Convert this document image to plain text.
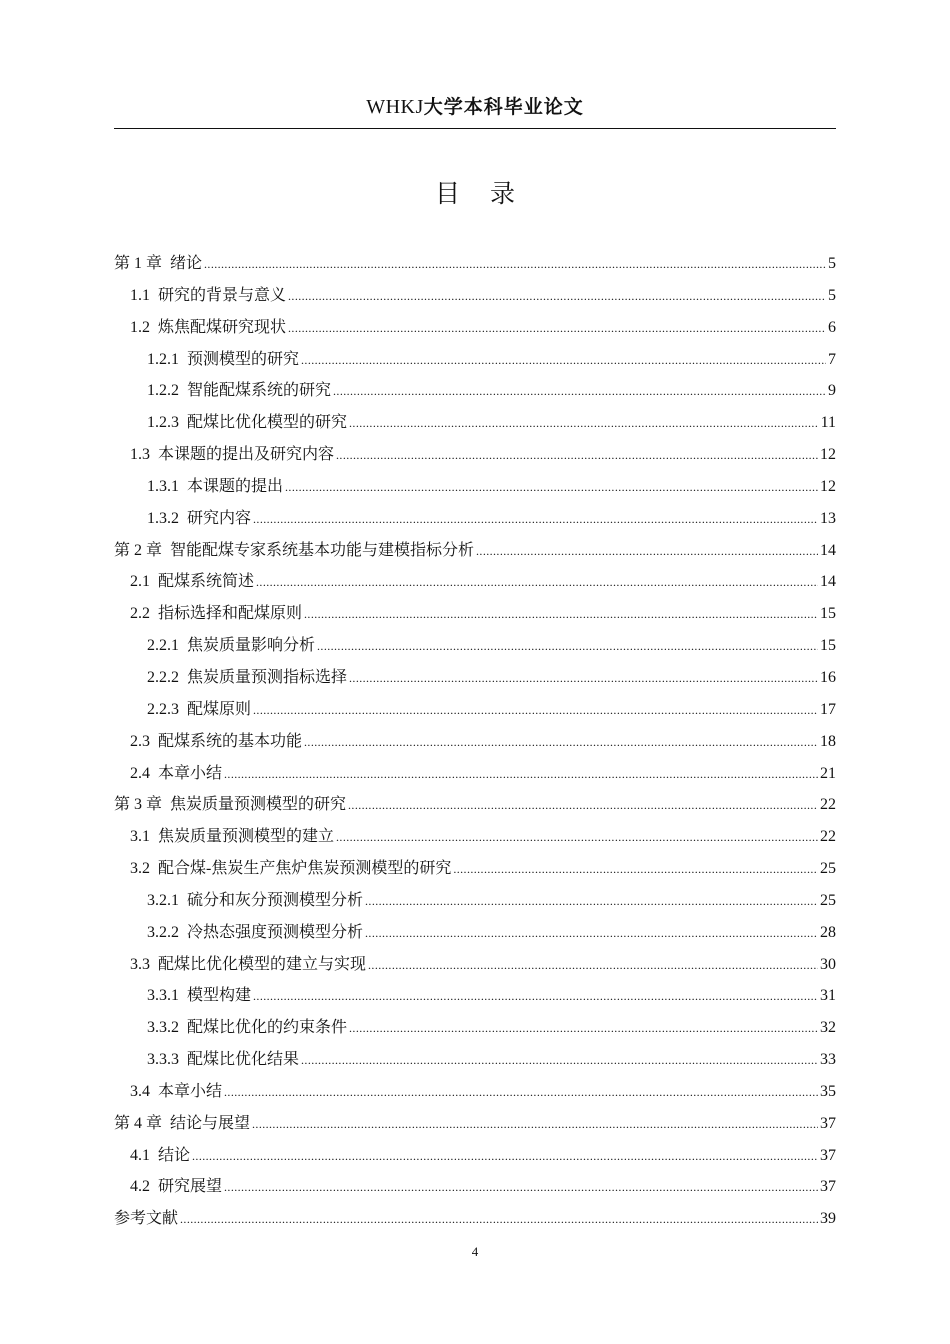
WHKJ大学本科毕业论文
目录
第 1 章 绪论 .....	5
1.1 研究的背景与意义 .....	5
1.2 炼焦配煤研究现状 .....	6
1.2.1 预测模型的研究 .....	7
1.2.2 智能配煤系统的研究 .....	9
1.2.3 配煤比优化模型的研究 .....	11
1.3 本课题的提出及研究内容 .....	12
1.3.1 本课题的提出 .....	12
1.3.2 研究内容 .....	13
第 2 章 智能配煤专家系统基本功能与建模指标分析 .....	14
2.1 配煤系统简述 .....	14
2.2 指标选择和配煤原则 .....	15
2.2.1 焦炭质量影响分析 .....	15
2.2.2 焦炭质量预测指标选择 .....	16
2.2.3 配煤原则 .....	17
2.3 配煤系统的基本功能 .....	18
2.4 本章小结 .....	21
第 3 章 焦炭质量预测模型的研究 .....	22
3.1 焦炭质量预测模型的建立 .....	22
3.2 配合煤-焦炭生产焦炉焦炭预测模型的研究 .....	25
3.2.1 硫分和灰分预测模型分析 .....	25
3.2.2 冷热态强度预测模型分析 .....	28
3.3 配煤比优化模型的建立与实现 .....	30
3.3.1 模型构建 .....	31
3.3.2 配煤比优化的约束条件 .....	32
3.3.3 配煤比优化结果 .....	33
3.4 本章小结 .....	35
第 4 章 结论与展望 .....	37
4.1 结论 .....	37
4.2 研究展望 .....	37
参考文献 .....	39
4
